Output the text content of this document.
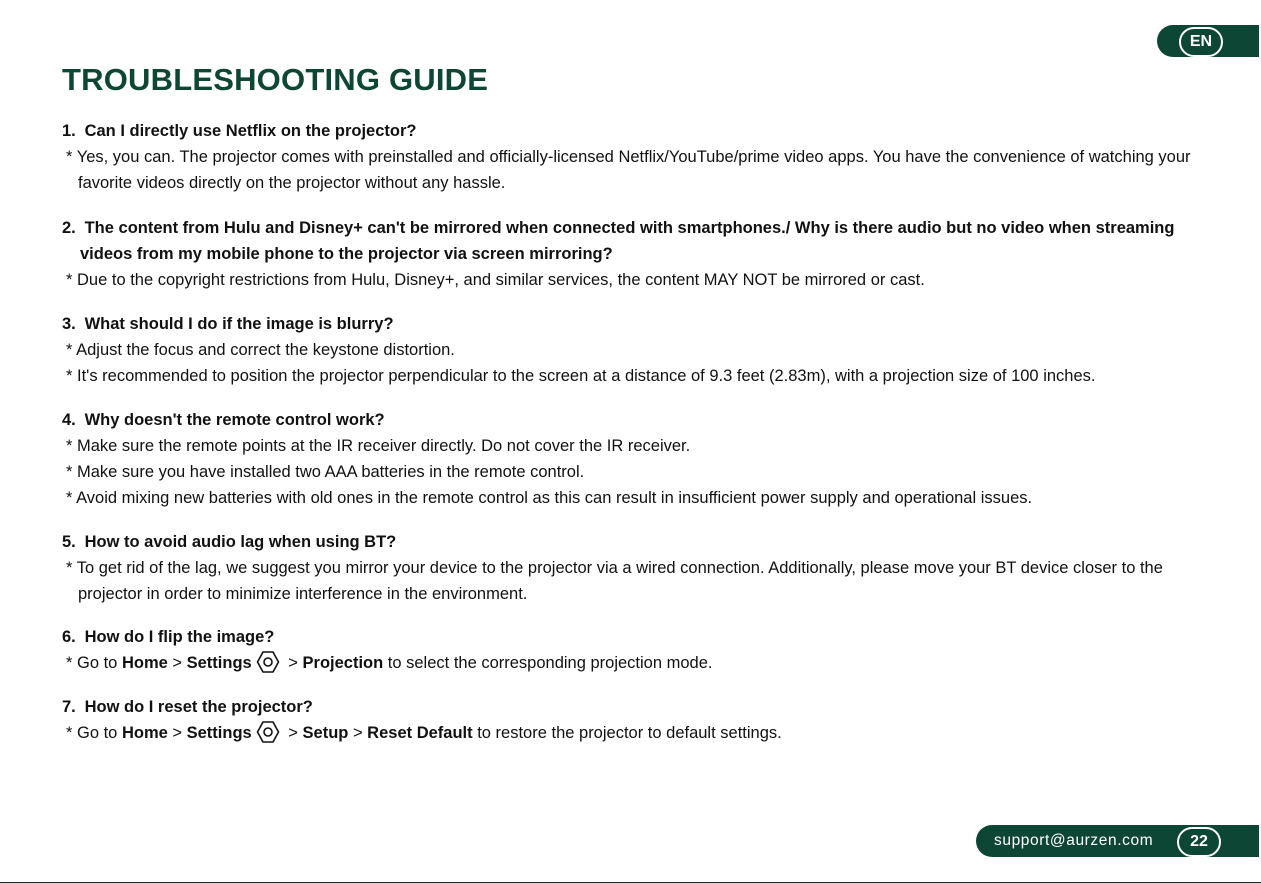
EN
TROUBLESHOOTING GUIDE
1. Can I directly use Netflix on the projector?
* Yes, you can. The projector comes with preinstalled and officially-licensed Netflix/YouTube/prime video apps. You have the convenience of watching your favorite videos directly on the projector without any hassle.
2. The content from Hulu and Disney+ can't be mirrored when connected with smartphones./ Why is there audio but no video when streaming videos from my mobile phone to the projector via screen mirroring?
* Due to the copyright restrictions from Hulu, Disney+, and similar services, the content MAY NOT be mirrored or cast.
3. What should I do if the image is blurry?
* Adjust the focus and correct the keystone distortion.
* It's recommended to position the projector perpendicular to the screen at a distance of 9.3 feet (2.83m), with a projection size of 100 inches.
4. Why doesn't the remote control work?
* Make sure the remote points at the IR receiver directly. Do not cover the IR receiver.
* Make sure you have installed two AAA batteries in the remote control.
* Avoid mixing new batteries with old ones in the remote control as this can result in insufficient power supply and operational issues.
5. How to avoid audio lag when using BT?
* To get rid of the lag, we suggest you mirror your device to the projector via a wired connection. Additionally, please move your BT device closer to the projector in order to minimize interference in the environment.
6. How do I flip the image?
* Go to Home > Settings > Projection to select the corresponding projection mode.
7. How do I reset the projector?
* Go to Home > Settings > Setup > Reset Default to restore the projector to default settings.
support@aurzen.com	22
